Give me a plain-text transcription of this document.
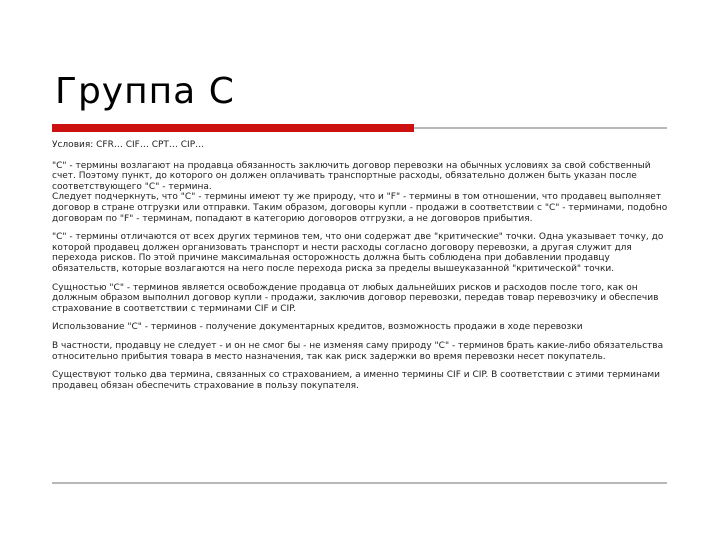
Группа С

Условия: CFR… CIF… CPT… CIP…

"С" - термины возлагают на продавца обязанность заключить договор перевозки на обычных условиях за свой собственный счет. Поэтому пункт, до которого он должен оплачивать транспортные расходы, обязательно должен быть указан после соответствующего "С" - термина.

Следует подчеркнуть, что "С" - термины имеют ту же природу, что и "F" - термины в том отношении, что продавец выполняет договор в стране отгрузки или отправки. Таким образом, договоры купли - продажи в соответствии с "С" - терминами, подобно договорам по "F" - терминам, попадают в категорию договоров отгрузки, а не договоров прибытия.

"С" - термины отличаются от всех других терминов тем, что они содержат две "критические" точки. Одна указывает точку, до которой продавец должен организовать транспорт и нести расходы согласно договору перевозки, а другая служит для перехода рисков. По этой причине максимальная осторожность должна быть соблюдена при добавлении продавцу обязательств, которые возлагаются на него после перехода риска за пределы вышеуказанной "критической" точки.

Сущностью "С" - терминов является освобождение продавца от любых дальнейших рисков и расходов после того, как он должным образом выполнил договор купли - продажи, заключив договор перевозки, передав товар перевозчику и обеспечив страхование в соответствии с терминами CIF и CIP.

Использование "С" - терминов - получение документарных кредитов, возможность продажи в ходе перевозки

В частности, продавцу не следует - и он не смог бы - не изменяя саму природу "С" - терминов брать какие-либо обязательства относительно прибытия товара в место назначения, так как риск задержки во время перевозки несет покупатель.

Существуют только два термина, связанных со страхованием, а именно термины CIF и CIP. В соответствии с этими терминами продавец обязан обеспечить страхование в пользу покупателя.
